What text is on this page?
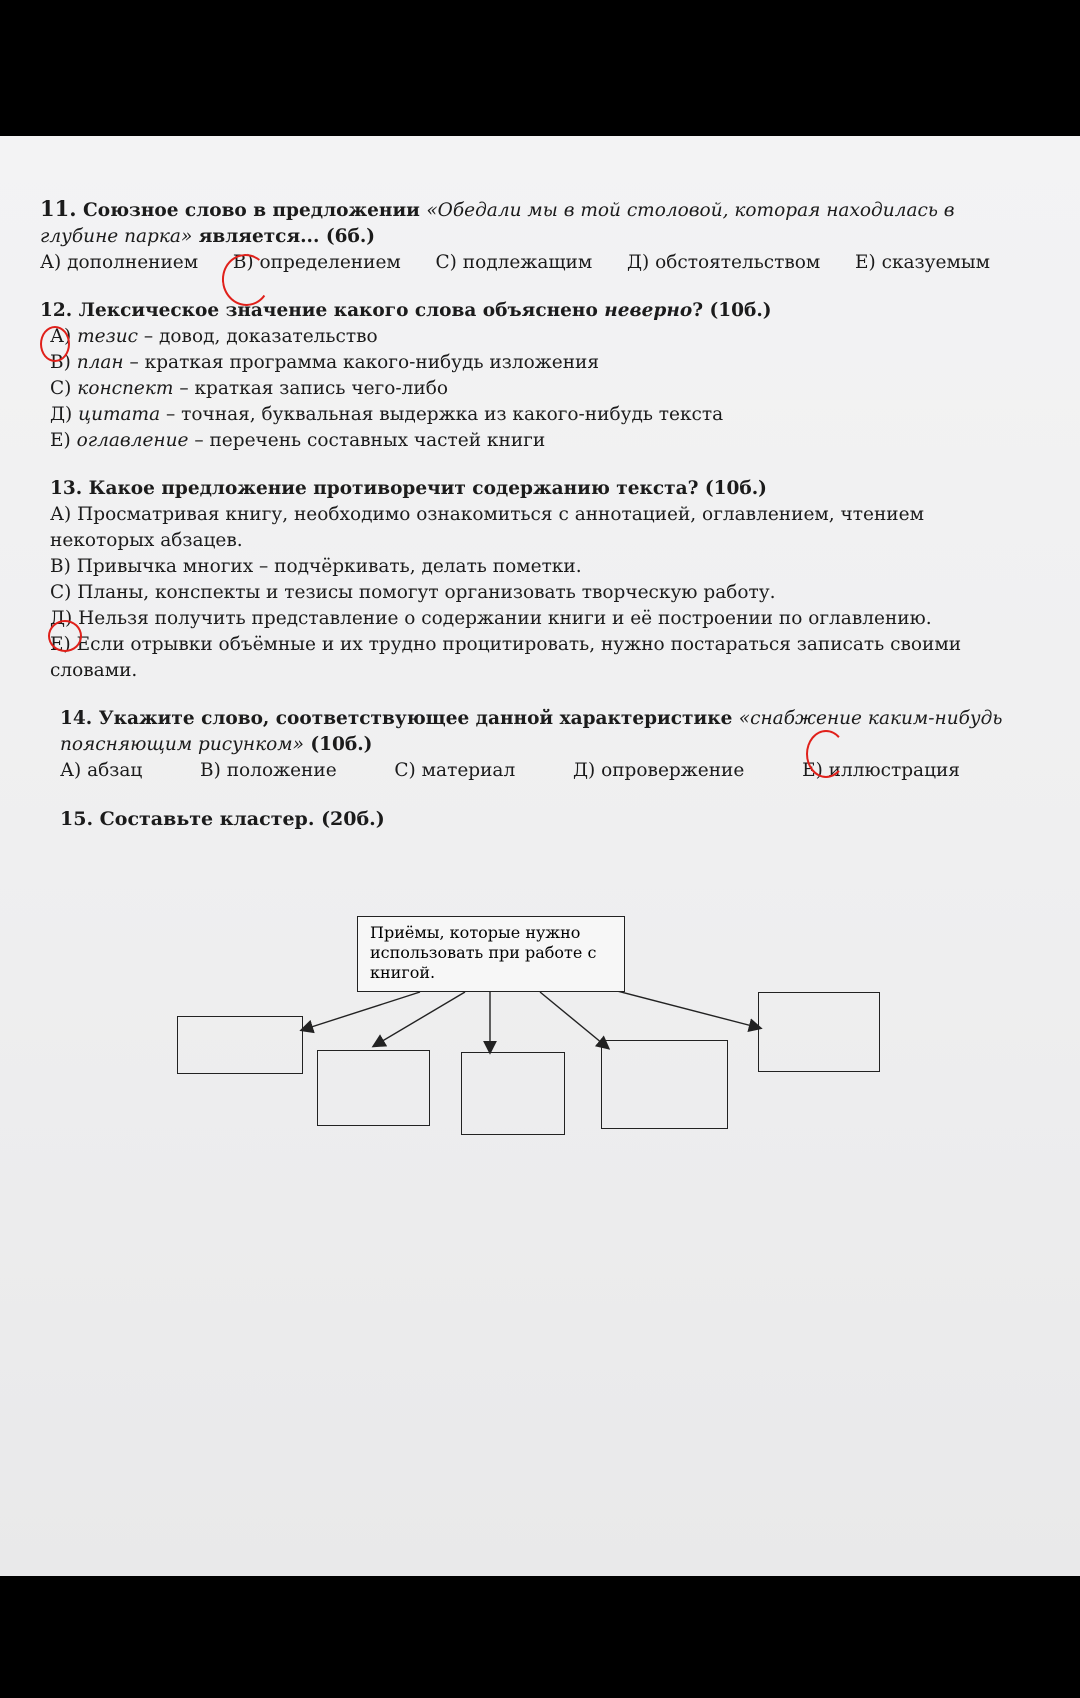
11. Союзное слово в предложении «Обедали мы в той столовой, которая находилась в глубине парка» является... (6б.)
А) дополнением В) определением С) подлежащим Д) обстоятельством Е) сказуемым
12. Лексическое значение какого слова объяснено неверно? (10б.)
А) тезис – довод, доказательство
В) план – краткая программа какого-нибудь изложения
С) конспект – краткая запись чего-либо
Д) цитата – точная, буквальная выдержка из какого-нибудь текста
Е) оглавление – перечень составных частей книги
13. Какое предложение противоречит содержанию текста? (10б.)
А) Просматривая книгу, необходимо ознакомиться с аннотацией, оглавлением, чтением некоторых абзацев.
В) Привычка многих – подчёркивать, делать пометки.
С) Планы, конспекты и тезисы помогут организовать творческую работу.
Д) Нельзя получить представление о содержании книги и её построении по оглавлению.
Е) Если отрывки объёмные и их трудно процитировать, нужно постараться записать своими словами.
14. Укажите слово, соответствующее данной характеристике «снабжение каким-нибудь поясняющим рисунком» (10б.)
А) абзац	В) положение	С) материал	Д) опровержение	Е) иллюстрация
15. Составьте кластер. (20б.)
Приёмы, которые нужно использовать при работе с книгой.
